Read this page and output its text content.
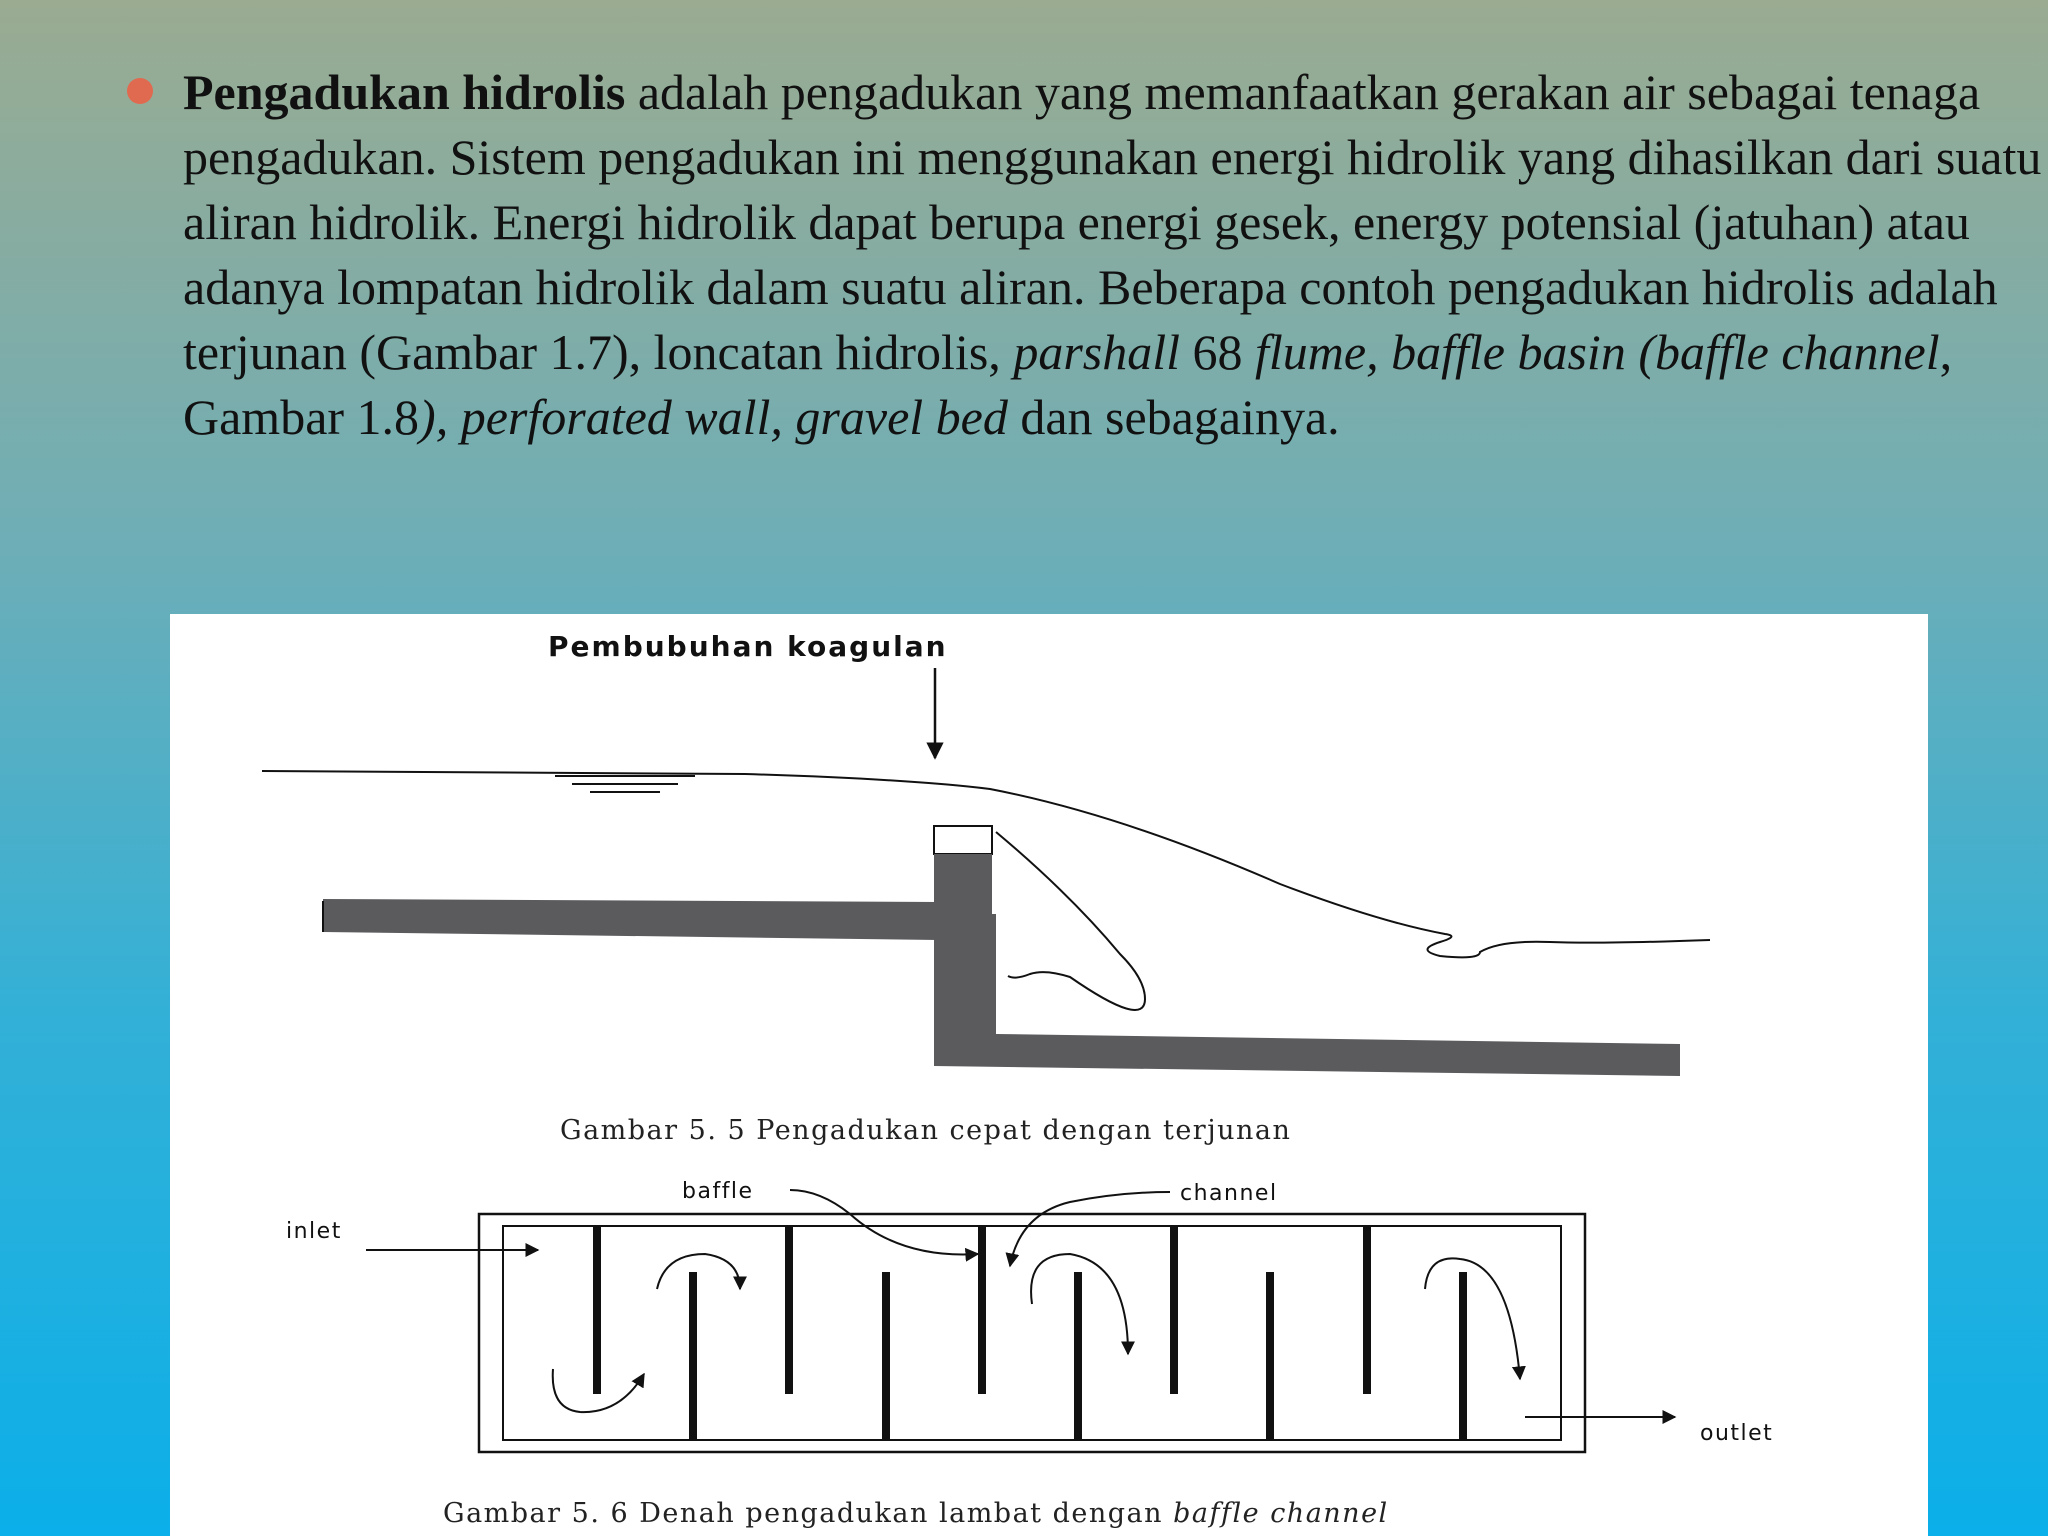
Pengadukan hidrolis adalah pengadukan yang memanfaatkan gerakan air sebagai tenaga pengadukan. Sistem pengadukan ini menggunakan energi hidrolik yang dihasilkan dari suatu aliran hidrolik. Energi hidrolik dapat berupa energi gesek, energy potensial (jatuhan) atau adanya lompatan hidrolik dalam suatu aliran. Beberapa contoh pengadukan hidrolis adalah terjunan (Gambar 1.7), loncatan hidrolis, parshall 68 flume, baffle basin (baffle channel, Gambar 1.8), perforated wall, gravel bed dan sebagainya.

Pembubuhan koagulan
Gambar 5. 5 Pengadukan cepat dengan terjunan
baffle	channel
inlet
outlet
Gambar 5. 6 Denah pengadukan lambat dengan baffle channel
